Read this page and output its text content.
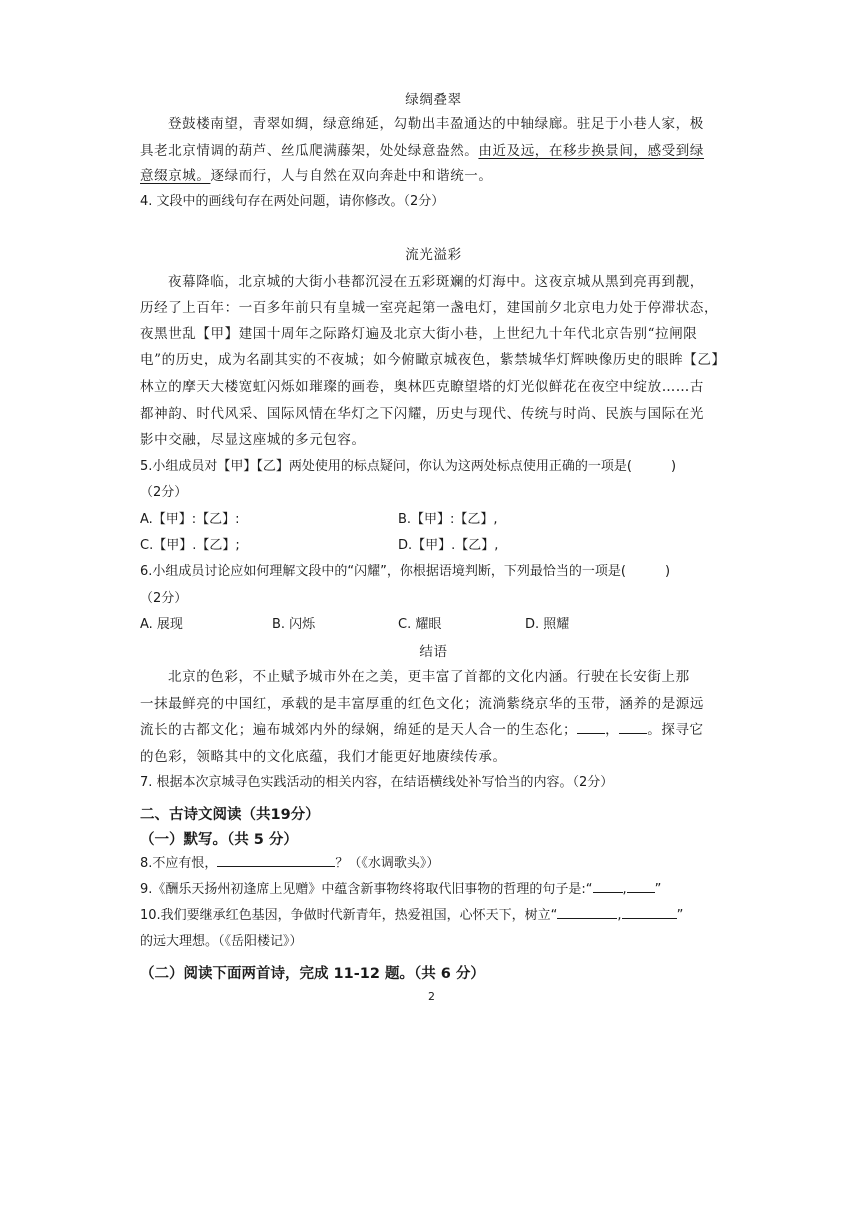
绿绸叠翠
登鼓楼南望，青翠如绸，绿意绵延，勾勒出丰盈通达的中轴绿廊。驻足于小巷人家，极
具老北京情调的葫芦、丝瓜爬满藤架，处处绿意盎然。由近及远，在移步换景间，感受到绿
意缀京城。逐绿而行，人与自然在双向奔赴中和谐统一。
4. 文段中的画线句存在两处问题，请你修改。（2分）
流光溢彩
夜幕降临，北京城的大街小巷都沉浸在五彩斑斓的灯海中。这夜京城从黑到亮再到靓，
历经了上百年：一百多年前只有皇城一室亮起第一盏电灯，建国前夕北京电力处于停滞状态，
夜黑世乱【甲】建国十周年之际路灯遍及北京大街小巷，上世纪九十年代北京告别“拉闸限
电”的历史，成为名副其实的不夜城；如今俯瞰京城夜色，紫禁城华灯辉映像历史的眼眸【乙】
林立的摩天大楼宽虹闪烁如璀璨的画卷，奥林匹克瞭望塔的灯光似鲜花在夜空中绽放……古
都神韵、时代风采、国际风情在华灯之下闪耀，历史与现代、传统与时尚、民族与国际在光
影中交融，尽显这座城的多元包容。
5.小组成员对【甲】【乙】两处使用的标点疑问，你认为这两处标点使用正确的一项是(　　　)
（2分）
A.【甲】:【乙】:	B.【甲】:【乙】,
C.【甲】.【乙】;	D.【甲】.【乙】,
6.小组成员讨论应如何理解文段中的“闪耀”，你根据语境判断，下列最恰当的一项是(　　　)
（2分）
A. 展现	B. 闪烁	C. 耀眼	D. 照耀
结语
北京的色彩，不止赋予城市外在之美，更丰富了首都的文化内涵。行驶在长安街上那
一抹最鲜亮的中国红，承载的是丰富厚重的红色文化；流淌紫绕京华的玉带，涵养的是源远
流长的古都文化；遍布城郊内外的绿娴，绵延的是天人合一的生态化； ， 。探寻它
的色彩，领略其中的文化底蕴，我们才能更好地赓续传承。
7. 根据本次京城寻色实践活动的相关内容，在结语横线处补写恰当的内容。（2分）
二、古诗文阅读（共19分）
（一）默写。（共 5 分）
8.不应有恨，	？（《水调歌头》）
9.《酬乐天扬州初逢席上见赠》中蕴含新事物终将取代旧事物的哲理的句子是:“ , ”
10.我们要继承红色基因，争做时代新青年，热爱祖国，心怀天下，树立“	,	”
的远大理想。（《岳阳楼记》）
（二）阅读下面两首诗，完成 11-12 题。（共 6 分）
2
